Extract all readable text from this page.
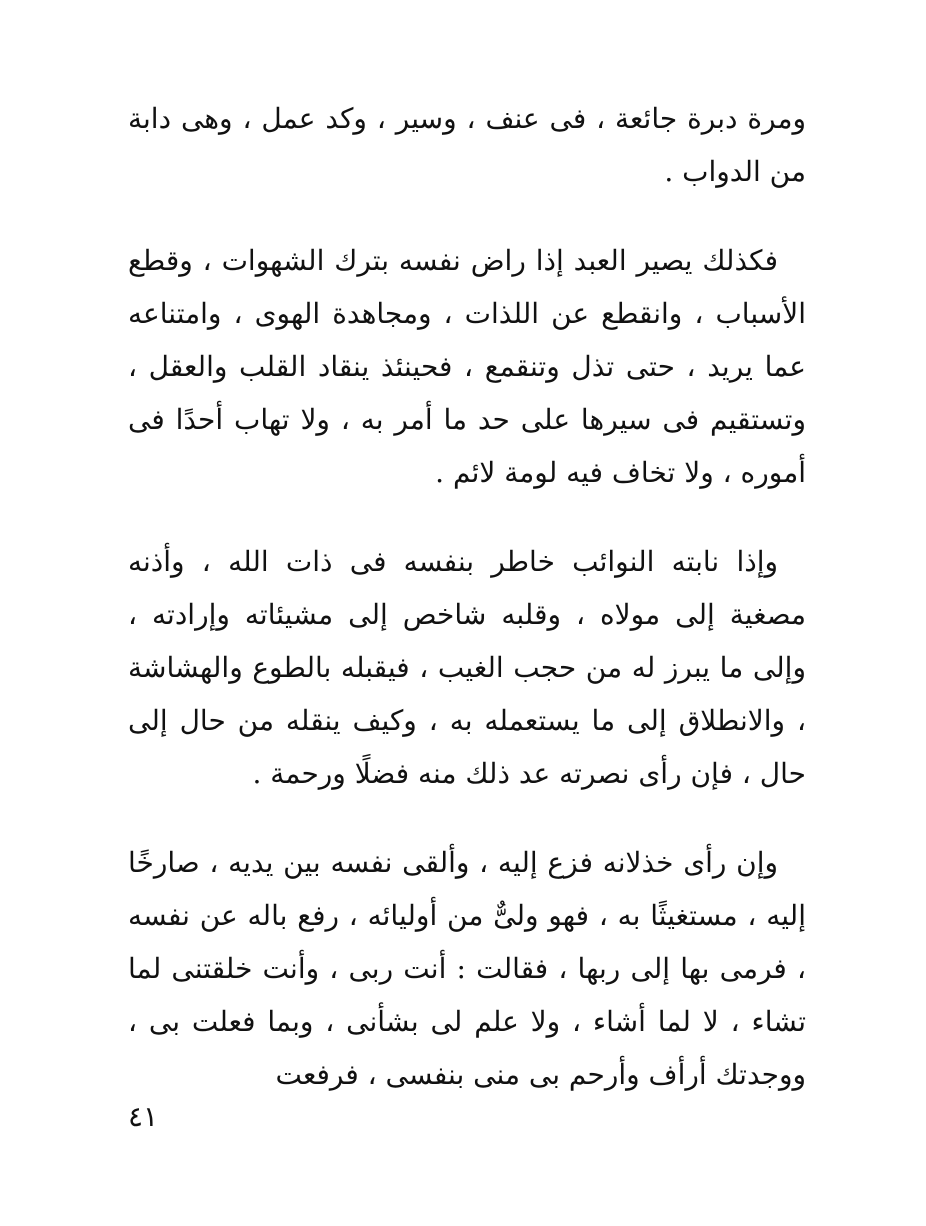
ومرة دبرة جائعة ، فى عنف ، وسير ، وكد عمل ، وهى دابة من الدواب .

فكذلك يصير العبد إذا راض نفسه بترك الشهوات ، وقطع الأسباب ، وانقطع عن اللذات ، ومجاهدة الهوى ، وامتناعه عما يريد ، حتى تذل وتنقمع ، فحينئذ ينقاد القلب والعقل ، وتستقيم فى سيرها على حد ما أمر به ، ولا تهاب أحدًا فى أموره ، ولا تخاف فيه لومة لائم .

وإذا نابته النوائب خاطر بنفسه فى ذات الله ، وأذنه مصغية إلى مولاه ، وقلبه شاخص إلى مشيئاته وإرادته ، وإلى ما يبرز له من حجب الغيب ، فيقبله بالطوع والهشاشة ، والانطلاق إلى ما يستعمله به ، وكيف ينقله من حال إلى حال ، فإن رأى نصرته عد ذلك منه فضلًا ورحمة .

وإن رأى خذلانه فزع إليه ، وألقى نفسه بين يديه ، صارخًا إليه ، مستغيثًا به ، فهو ولىٌّ من أوليائه ، رفع باله عن نفسه ، فرمى بها إلى ربها ، فقالت : أنت ربى ، وأنت خلقتنى لما تشاء ، لا لما أشاء ، ولا علم لى بشأنى ، وبما فعلت بى ، ووجدتك أرأف وأرحم بى منى بنفسى ، فرفعت

٤١
